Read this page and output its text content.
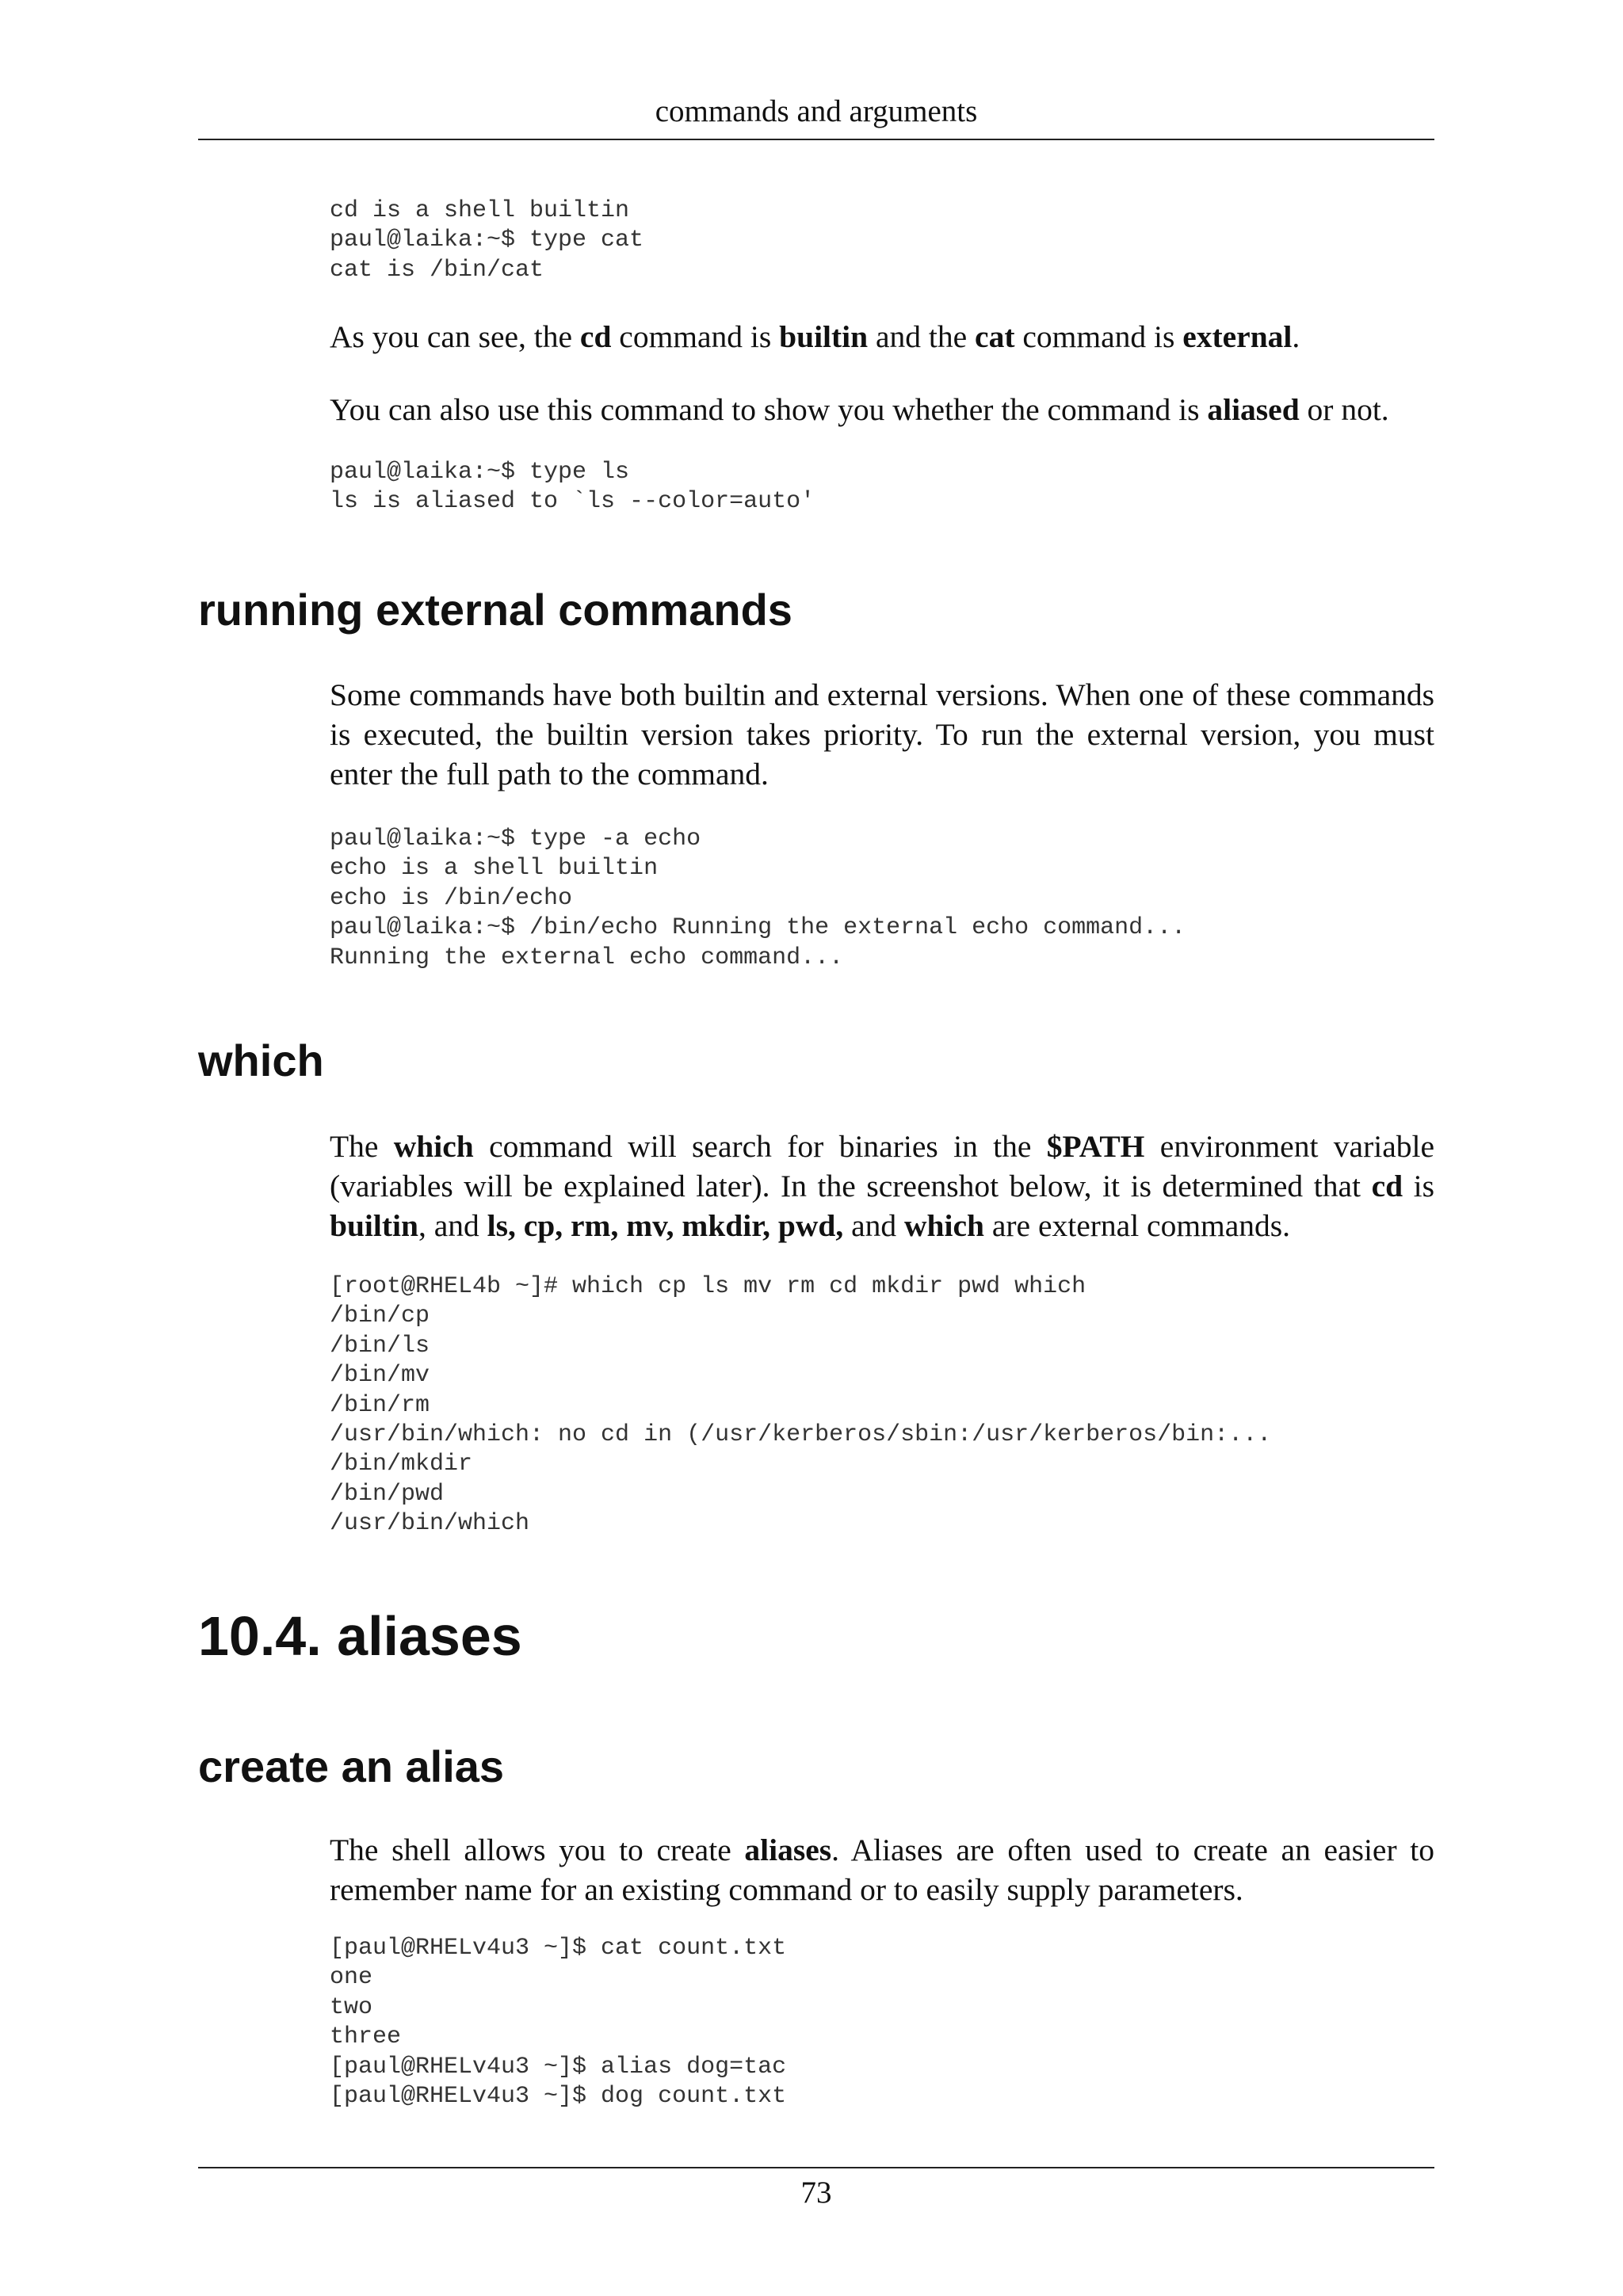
commands and arguments
cd is a shell builtin
paul@laika:~$ type cat
cat is /bin/cat

As you can see, the cd command is builtin and the cat command is external.

You can also use this command to show you whether the command is aliased or not.

paul@laika:~$ type ls
ls is aliased to `ls --color=auto'
running external commands

Some commands have both builtin and external versions. When one of these commands is executed, the builtin version takes priority. To run the external version, you must enter the full path to the command.

paul@laika:~$ type -a echo
echo is a shell builtin
echo is /bin/echo
paul@laika:~$ /bin/echo Running the external echo command...
Running the external echo command...
which

The which command will search for binaries in the $PATH environment variable (variables will be explained later). In the screenshot below, it is determined that cd is builtin, and ls, cp, rm, mv, mkdir, pwd, and which are external commands.

[root@RHEL4b ~]# which cp ls mv rm cd mkdir pwd which
/bin/cp
/bin/ls
/bin/mv
/bin/rm
/usr/bin/which: no cd in (/usr/kerberos/sbin:/usr/kerberos/bin:...
/bin/mkdir
/bin/pwd
/usr/bin/which
10.4. aliases
create an alias

The shell allows you to create aliases. Aliases are often used to create an easier to remember name for an existing command or to easily supply parameters.

[paul@RHELv4u3 ~]$ cat count.txt
one
two
three
[paul@RHELv4u3 ~]$ alias dog=tac
[paul@RHELv4u3 ~]$ dog count.txt
73
